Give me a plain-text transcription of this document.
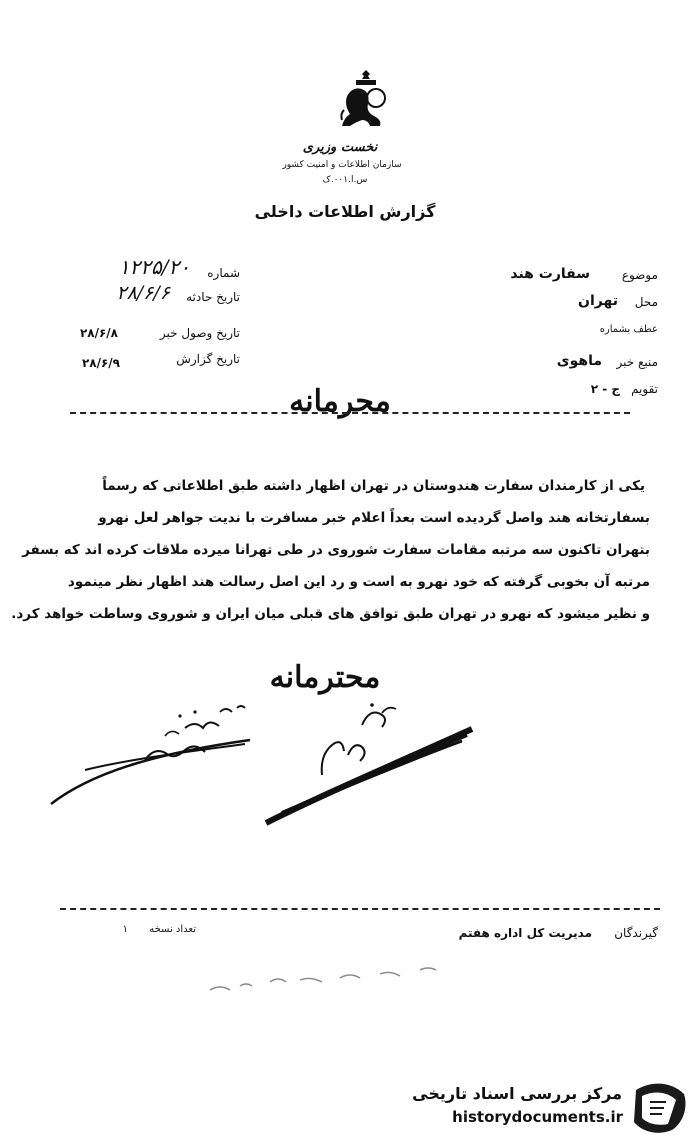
نخست وزیری
سازمان اطلاعات و امنیت کشور
س.ا.۰۰۱.ک
گزارش اطلاعات داخلی
شماره
۱۲۲۵/۲۰
تاریخ حادثه
۲۸/۶/۶
تاریخ وصول خبر
۲۸/۶/۸
تاریخ گزارش
۲۸/۶/۹
موضوع
سفارت هند
محل
تهران
عطف بشماره
منبع خبر
ماهوی
تقویم
ج - ۲
محرمانه
یکی از کارمندان سفارت هندوستان در تهران اظهار داشته طبق اطلاعاتی که رسماً
بسفارتخانه هند واصل گردیده است بعداً اعلام خبر مسافرت با ندیت جواهر لعل نهرو
بتهران تاکنون سه مرتبه مقامات سفارت شوروی در طی تهرانا میرده ملاقات کرده اند که بسفر
مرتبه آن بخوبی گرفته که خود نهرو به است و رد این اصل رسالت هند اظهار نظر مینمود
و نظیر میشود که نهرو در تهران طبق توافق های قبلی میان ایران و شوروی وساطت خواهد کرد.
محترمانه
گیرندگان
مدیریت کل اداره هفتم
تعداد نسخه
۱
مرکز بررسی اسناد تاریخی
historydocuments.ir
